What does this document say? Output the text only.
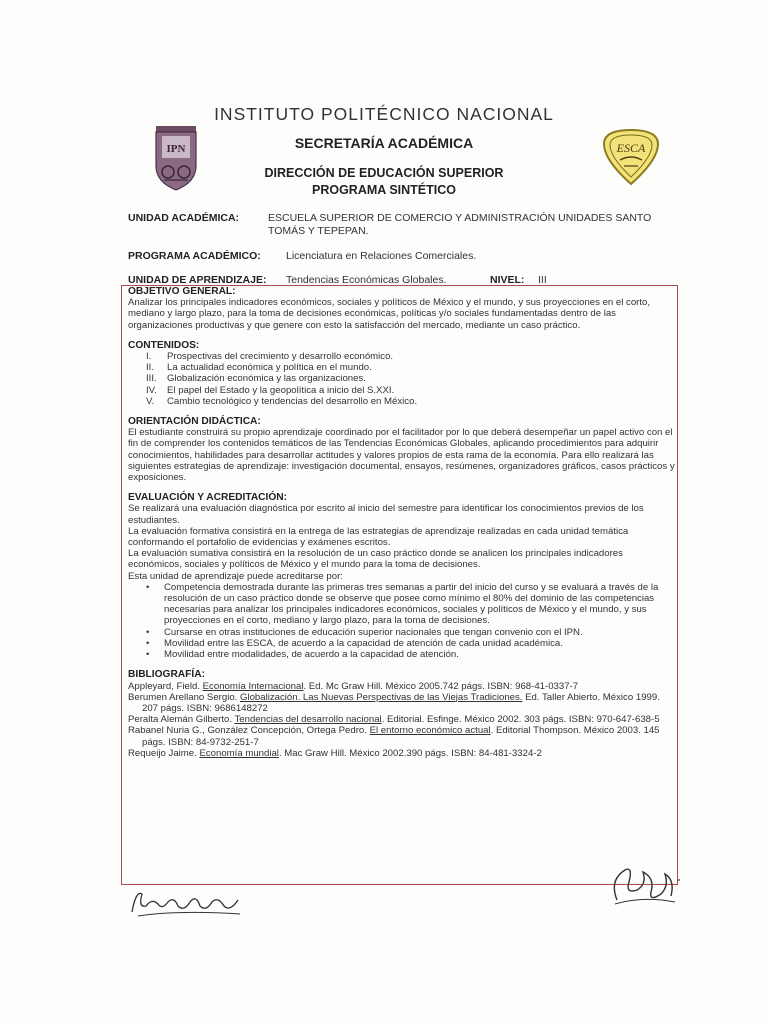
IPN	ESCA
INSTITUTO POLITÉCNICO NACIONAL
SECRETARÍA ACADÉMICA
DIRECCIÓN DE EDUCACIÓN SUPERIOR
PROGRAMA SINTÉTICO
UNIDAD ACADÉMICA:	ESCUELA SUPERIOR DE COMERCIO Y ADMINISTRACIÓN UNIDADES SANTO
TOMÁS Y TEPEPAN.
PROGRAMA ACADÉMICO: Licenciatura en Relaciones Comerciales.
UNIDAD DE APRENDIZAJE: Tendencias Económicas Globales.	NIVEL: III

OBJETIVO GENERAL:

Analizar los principales indicadores económicos, sociales y políticos de México y el mundo, y sus proyecciones en el corto, mediano y largo plazo, para la toma de decisiones económicas, políticas y/o sociales fundamentadas dentro de las organizaciones productivas y que genere con esto la satisfacción del mercado, mediante un caso práctico.

CONTENIDOS:

I. Prospectivas del crecimiento y desarrollo económico.
II. La actualidad económica y política en el mundo.
III. Globalización económica y las organizaciones.
IV. El papel del Estado y la geopolítica a inicio del S.XXI.
V. Cambio tecnológico y tendencias del desarrollo en México.

ORIENTACIÓN DIDÁCTICA:

El estudiante construirá su propio aprendizaje coordinado por el facilitador por lo que deberá desempeñar un papel activo con el fin de comprender los contenidos temáticos de las Tendencias Económicas Globales, aplicando procedimientos para adquirir conocimientos, habilidades para desarrollar actitudes y valores propios de esta rama de la economía. Para ello realizará las siguientes estrategias de aprendizaje: investigación documental, ensayos, resúmenes, organizadores gráficos, casos prácticos y exposiciones.

EVALUACIÓN Y ACREDITACIÓN:

Se realizará una evaluación diagnóstica por escrito al inicio del semestre para identificar los conocimientos previos de los estudiantes.

La evaluación formativa consistirá en la entrega de las estrategias de aprendizaje realizadas en cada unidad temática conformando el portafolio de evidencias y exámenes escritos.

La evaluación sumativa consistirá en la resolución de un caso práctico donde se analicen los principales indicadores económicos, sociales y políticos de México y el mundo para la toma de decisiones.

Esta unidad de aprendizaje puede acreditarse por:

• Competencia demostrada durante las primeras tres semanas a partir del inicio del curso y se evaluará a través de la resolución de un caso práctico donde se observe que posee como mínimo el 80% del dominio de las competencias necesarias para analizar los principales indicadores económicos, sociales y políticos de México y el mundo, y sus proyecciones en el corto, mediano y largo plazo, para la toma de decisiones.
• Cursarse en otras instituciones de educación superior nacionales que tengan convenio con el IPN.
• Movilidad entre las ESCA, de acuerdo a la capacidad de atención de cada unidad académica.
• Movilidad entre modalidades, de acuerdo a la capacidad de atención.

BIBLIOGRAFÍA:

Appleyard, Field. Economía Internacional. Ed. Mc Graw Hill. México 2005.742 págs. ISBN: 968-41-0337-7

Berumen Arellano Sergio. Globalización. Las Nuevas Perspectivas de las Viejas Tradiciones. Ed. Taller Abierto. México 1999. 207 págs. ISBN: 9686148272

Peralta Alemán Gilberto. Tendencias del desarrollo nacional. Editorial. Esfinge. México 2002. 303 págs. ISBN: 970-647-638-5

Rabanel Nuria G., González Concepción, Ortega Pedro. El entorno económico actual. Editorial Thompson. México 2003. 145 págs. ISBN: 84-9732-251-7

Requeijo Jaime. Economía mundial. Mac Graw Hill. México 2002.390 págs. ISBN: 84-481-3324-2
